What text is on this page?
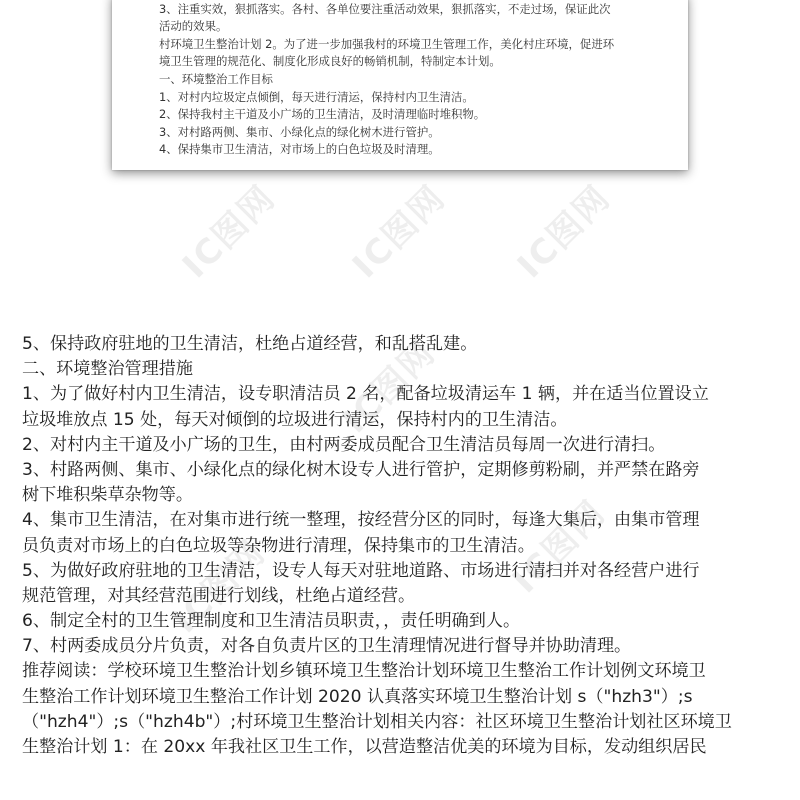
3、注重实效，狠抓落实。各村、各单位要注重活动效果，狠抓落实，不走过场，保证此次
活动的效果。
村环境卫生整治计划 2。为了进一步加强我村的环境卫生管理工作，美化村庄环境，促进环
境卫生管理的规范化、制度化形成良好的畅销机制，特制定本计划。
一、环境整治工作目标
1、对村内垃圾定点倾倒，每天进行清运，保持村内卫生清洁。
2、保持我村主干道及小广场的卫生清洁，及时清理临时堆积物。
3、对村路两侧、集市、小绿化点的绿化树木进行管护。
4、保持集市卫生清洁，对市场上的白色垃圾及时清理。
IC图网 IC图网 IC图网
IC图网
IC图网
IC图网
5、保持政府驻地的卫生清洁，杜绝占道经营，和乱搭乱建。
二、环境整治管理措施
1、为了做好村内卫生清洁，设专职清洁员 2 名，配备垃圾清运车 1 辆，并在适当位置设立
垃圾堆放点 15 处，每天对倾倒的垃圾进行清运，保持村内的卫生清洁。
2、对村内主干道及小广场的卫生，由村两委成员配合卫生清洁员每周一次进行清扫。
3、村路两侧、集市、小绿化点的绿化树木设专人进行管护，定期修剪粉刷，并严禁在路旁
树下堆积柴草杂物等。
4、集市卫生清洁，在对集市进行统一整理，按经营分区的同时，每逢大集后，由集市管理
员负责对市场上的白色垃圾等杂物进行清理，保持集市的卫生清洁。
5、为做好政府驻地的卫生清洁，设专人每天对驻地道路、市场进行清扫并对各经营户进行
规范管理，对其经营范围进行划线，杜绝占道经营。
6、制定全村的卫生管理制度和卫生清洁员职责，，责任明确到人。
7、村两委成员分片负责，对各自负责片区的卫生清理情况进行督导并协助清理。
推荐阅读：学校环境卫生整治计划乡镇环境卫生整治计划环境卫生整治工作计划例文环境卫
生整治工作计划环境卫生整治工作计划 2020 认真落实环境卫生整治计划 s（"hzh3"）;s
（"hzh4"）;s（"hzh4b"）;村环境卫生整治计划相关内容：社区环境卫生整治计划社区环境卫
生整治计划 1：在 20xx 年我社区卫生工作，以营造整洁优美的环境为目标，发动组织居民
